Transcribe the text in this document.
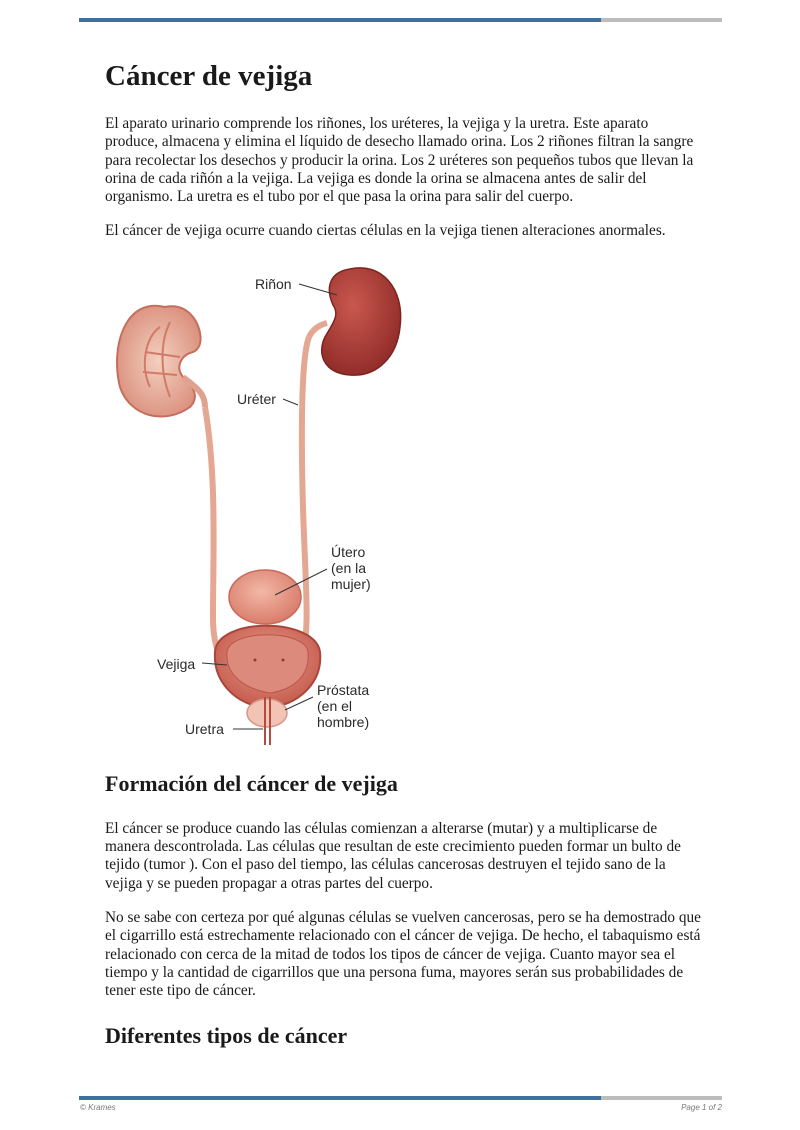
Cáncer de vejiga

El aparato urinario comprende los riñones, los uréteres, la vejiga y la uretra. Este aparato produce, almacena y elimina el líquido de desecho llamado orina. Los 2 riñones filtran la sangre para recolectar los desechos y producir la orina. Los 2 uréteres son pequeños tubos que llevan la orina de cada riñón a la vejiga. La vejiga es donde la orina se almacena antes de salir del organismo. La uretra es el tubo por el que pasa la orina para salir del cuerpo.

El cáncer de vejiga ocurre cuando ciertas células en la vejiga tienen alteraciones anormales.

Riñon
Uréter
Útero
(en la
mujer)
Vejiga
Próstata
(en el
hombre)
Uretra
Formación del cáncer de vejiga

El cáncer se produce cuando las células comienzan a alterarse (mutar) y a multiplicarse de manera descontrolada. Las células que resultan de este crecimiento pueden formar un bulto de tejido (tumor ). Con el paso del tiempo, las células cancerosas destruyen el tejido sano de la vejiga y se pueden propagar a otras partes del cuerpo.

No se sabe con certeza por qué algunas células se vuelven cancerosas, pero se ha demostrado que el cigarrillo está estrechamente relacionado con el cáncer de vejiga. De hecho, el tabaquismo está relacionado con cerca de la mitad de todos los tipos de cáncer de vejiga. Cuanto mayor sea el tiempo y la cantidad de cigarrillos que una persona fuma, mayores serán sus probabilidades de tener este tipo de cáncer.

Diferentes tipos de cáncer
© Krames	Page 1 of 2
